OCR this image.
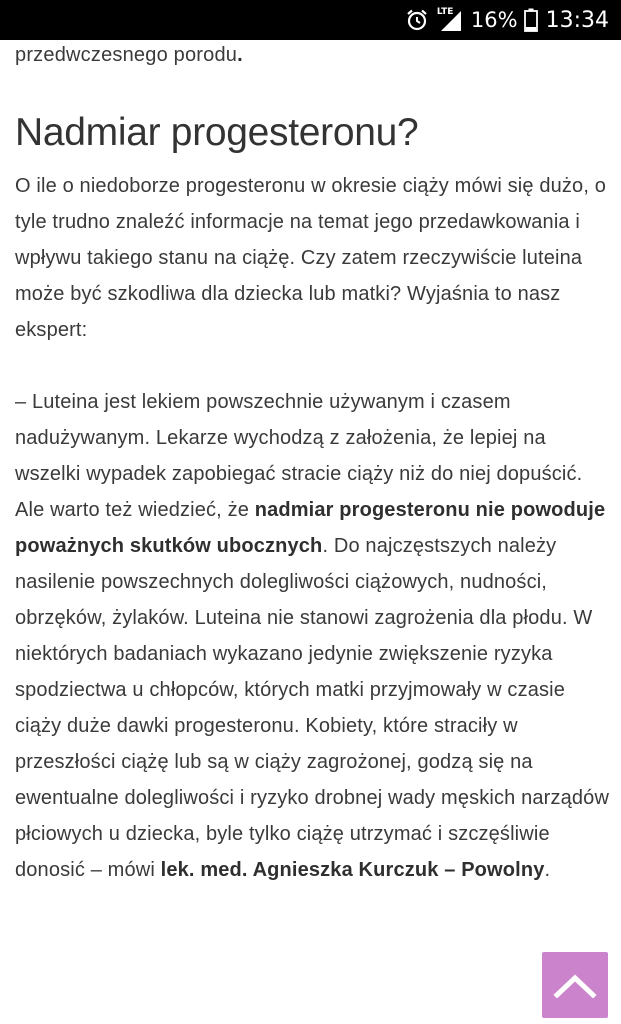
LTE 16% 13:34

przedwczesnego porodu.

Nadmiar progesteronu?

O ile o niedoborze progesteronu w okresie ciąży mówi się dużo, o tyle trudno znaleźć informacje na temat jego przedawkowania i wpływu takiego stanu na ciążę. Czy zatem rzeczywiście luteina może być szkodliwa dla dziecka lub matki? Wyjaśnia to nasz ekspert:

– Luteina jest lekiem powszechnie używanym i czasem nadużywanym. Lekarze wychodzą z założenia, że lepiej na wszelki wypadek zapobiegać stracie ciąży niż do niej dopuścić. Ale warto też wiedzieć, że nadmiar progesteronu nie powoduje poważnych skutków ubocznych. Do najczęstszych należy nasilenie powszechnych dolegliwości ciążowych, nudności, obrzęków, żylaków. Luteina nie stanowi zagrożenia dla płodu. W niektórych badaniach wykazano jedynie zwiększenie ryzyka spodziectwa u chłopców, których matki przyjmowały w czasie ciąży duże dawki progesteronu. Kobiety, które straciły w przeszłości ciążę lub są w ciąży zagrożonej, godzą się na ewentualne dolegliwości i ryzyko drobnej wady męskich narządów płciowych u dziecka, byle tylko ciążę utrzymać i szczęśliwie donosić – mówi lek. med. Agnieszka Kurczuk – Powolny.
